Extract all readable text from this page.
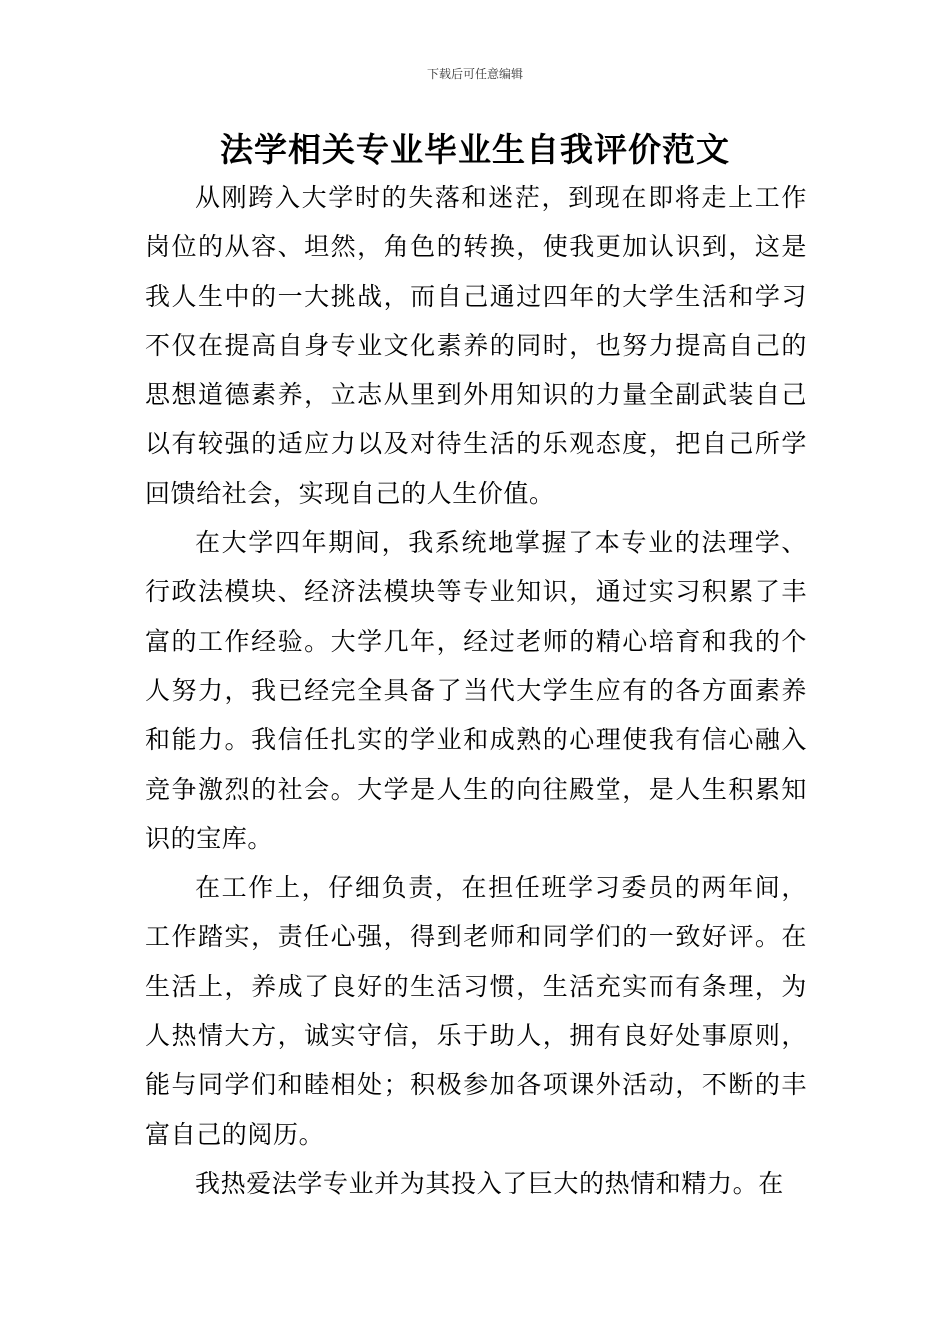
下载后可任意编辑
法学相关专业毕业生自我评价范文

从刚跨入大学时的失落和迷茫，到现在即将走上工作岗位的从容、坦然，角色的转换，使我更加认识到，这是我人生中的一大挑战，而自己通过四年的大学生活和学习不仅在提高自身专业文化素养的同时，也努力提高自己的思想道德素养，立志从里到外用知识的力量全副武装自己以有较强的适应力以及对待生活的乐观态度，把自己所学回馈给社会，实现自己的人生价值。

在大学四年期间，我系统地掌握了本专业的法理学、行政法模块、经济法模块等专业知识，通过实习积累了丰富的工作经验。大学几年，经过老师的精心培育和我的个人努力，我已经完全具备了当代大学生应有的各方面素养和能力。我信任扎实的学业和成熟的心理使我有信心融入竞争激烈的社会。大学是人生的向往殿堂，是人生积累知识的宝库。

在工作上，仔细负责，在担任班学习委员的两年间，工作踏实，责任心强，得到老师和同学们的一致好评。在生活上，养成了良好的生活习惯，生活充实而有条理，为人热情大方，诚实守信，乐于助人，拥有良好处事原则，能与同学们和睦相处；积极参加各项课外活动，不断的丰富自己的阅历。

我热爱法学专业并为其投入了巨大的热情和精力。在
